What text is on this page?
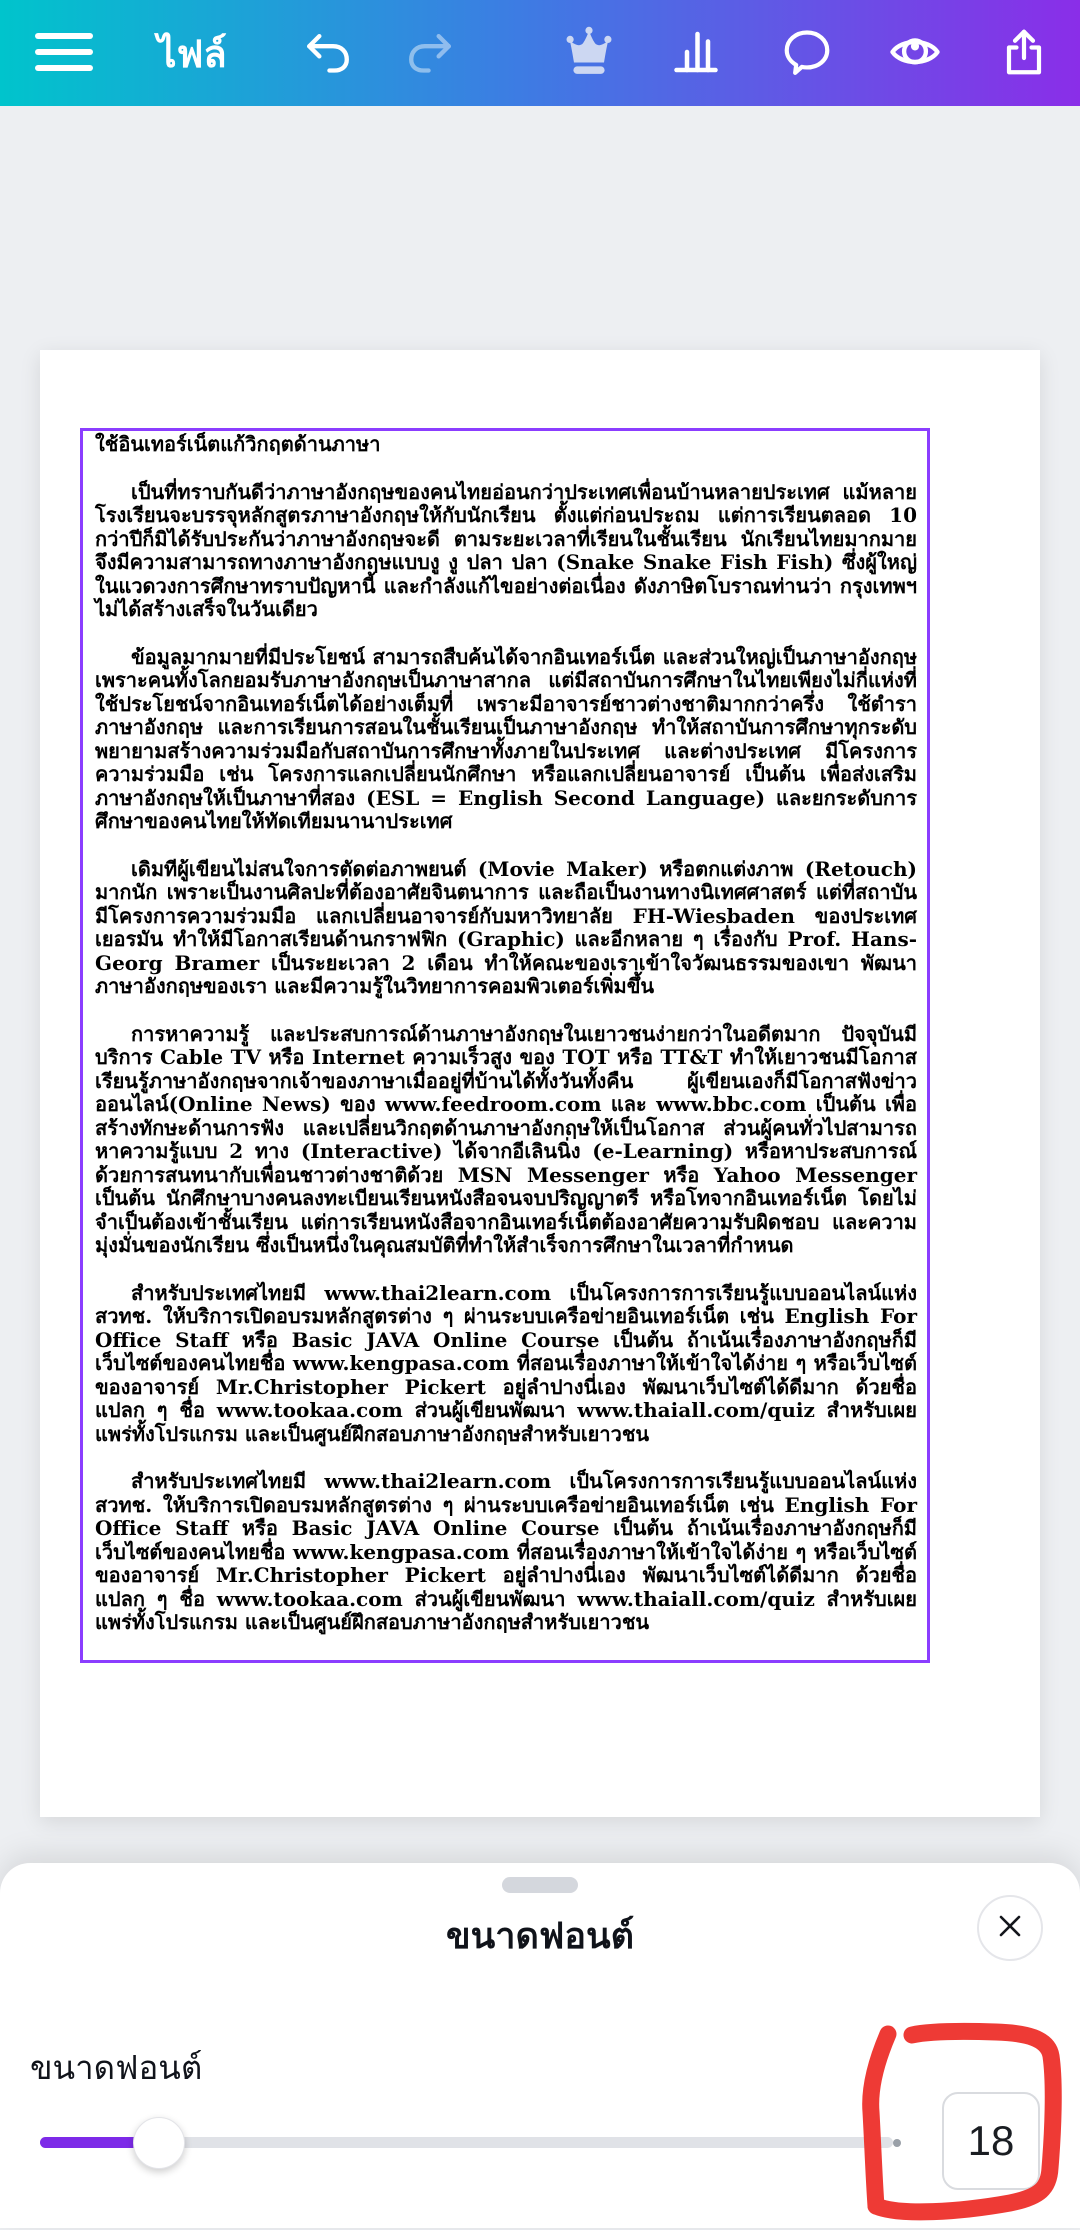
ไฟล์

ใช้อินเทอร์เน็ตแก้วิกฤตด้านภาษา

เป็นที่ทราบกันดีว่าภาษาอังกฤษของคนไทยอ่อนกว่าประเทศเพื่อนบ้านหลายประเทศ แม้หลายโรงเรียนจะบรรจุหลักสูตรภาษาอังกฤษให้กับนักเรียน ตั้งแต่ก่อนประถม แต่การเรียนตลอด 10 กว่าปีก็มิได้รับประกันว่าภาษาอังกฤษจะดี ตามระยะเวลาที่เรียนในชั้นเรียน นักเรียนไทยมากมายจึงมีความสามารถทางภาษาอังกฤษแบบงู งู ปลา ปลา (Snake Snake Fish Fish) ซึ่งผู้ใหญ่ในแวดวงการศึกษาทราบปัญหานี้ และกำลังแก้ไขอย่างต่อเนื่อง ดังภาษิตโบราณท่านว่า กรุงเทพฯ ไม่ได้สร้างเสร็จในวันเดียว

ข้อมูลมากมายที่มีประโยชน์ สามารถสืบค้นได้จากอินเทอร์เน็ต และส่วนใหญ่เป็นภาษาอังกฤษ เพราะคนทั้งโลกยอมรับภาษาอังกฤษเป็นภาษาสากล แต่มีสถาบันการศึกษาในไทยเพียงไม่กี่แห่งที่ใช้ประโยชน์จากอินเทอร์เน็ตได้อย่างเต็มที่ เพราะมีอาจารย์ชาวต่างชาติมากกว่าครึ่ง ใช้ตำราภาษาอังกฤษ และการเรียนการสอนในชั้นเรียนเป็นภาษาอังกฤษ ทำให้สถาบันการศึกษาทุกระดับพยายามสร้างความร่วมมือกับสถาบันการศึกษาทั้งภายในประเทศ และต่างประเทศ มีโครงการความร่วมมือ เช่น โครงการแลกเปลี่ยนนักศึกษา หรือแลกเปลี่ยนอาจารย์ เป็นต้น เพื่อส่งเสริมภาษาอังกฤษให้เป็นภาษาที่สอง (ESL = English Second Language) และยกระดับการศึกษาของคนไทยให้ทัดเทียมนานาประเทศ

เดิมทีผู้เขียนไม่สนใจการตัดต่อภาพยนต์ (Movie Maker) หรือตกแต่งภาพ (Retouch) มากนัก เพราะเป็นงานศิลปะที่ต้องอาศัยจินตนาการ และถือเป็นงานทางนิเทศศาสตร์ แต่ที่สถาบันมีโครงการความร่วมมือ แลกเปลี่ยนอาจารย์กับมหาวิทยาลัย FH-Wiesbaden ของประเทศเยอรมัน ทำให้มีโอกาสเรียนด้านกราฟฟิก (Graphic) และอีกหลาย ๆ เรื่องกับ Prof. Hans-Georg Bramer เป็นระยะเวลา 2 เดือน ทำให้คณะของเราเข้าใจวัฒนธรรมของเขา พัฒนาภาษาอังกฤษของเรา และมีความรู้ในวิทยาการคอมพิวเตอร์เพิ่มขึ้น

การหาความรู้ และประสบการณ์ด้านภาษาอังกฤษในเยาวชนง่ายกว่าในอดีตมาก ปัจจุบันมีบริการ Cable TV หรือ Internet ความเร็วสูง ของ TOT หรือ TT&T ทำให้เยาวชนมีโอกาสเรียนรู้ภาษาอังกฤษจากเจ้าของภาษาเมื่ออยู่ที่บ้านได้ทั้งวันทั้งคืน ผู้เขียนเองก็มีโอกาสฟังข่าวออนไลน์(Online News) ของ www.feedroom.com และ www.bbc.com เป็นต้น เพื่อสร้างทักษะด้านการฟัง และเปลี่ยนวิกฤตด้านภาษาอังกฤษให้เป็นโอกาส ส่วนผู้คนทั่วไปสามารถหาความรู้แบบ 2 ทาง (Interactive) ได้จากอีเลินนิ่ง (e-Learning) หรือหาประสบการณ์ด้วยการสนทนากับเพื่อนชาวต่างชาติด้วย MSN Messenger หรือ Yahoo Messenger เป็นต้น นักศึกษาบางคนลงทะเบียนเรียนหนังสือจนจบปริญญาตรี หรือโทจากอินเทอร์เน็ต โดยไม่จำเป็นต้องเข้าชั้นเรียน แต่การเรียนหนังสือจากอินเทอร์เน็ตต้องอาศัยความรับผิดชอบ และความมุ่งมั่นของนักเรียน ซึ่งเป็นหนึ่งในคุณสมบัติที่ทำให้สำเร็จการศึกษาในเวลาที่กำหนด

สำหรับประเทศไทยมี www.thai2learn.com เป็นโครงการการเรียนรู้แบบออนไลน์แห่ง สวทช. ให้บริการเปิดอบรมหลักสูตรต่าง ๆ ผ่านระบบเครือข่ายอินเทอร์เน็ต เช่น English For Office Staff หรือ Basic JAVA Online Course เป็นต้น ถ้าเน้นเรื่องภาษาอังกฤษก็มีเว็บไซต์ของคนไทยชื่อ www.kengpasa.com ที่สอนเรื่องภาษาให้เข้าใจได้ง่าย ๆ หรือเว็บไซต์ของอาจารย์ Mr.Christopher Pickert อยู่ลำปางนี่เอง พัฒนาเว็บไซต์ได้ดีมาก ด้วยชื่อแปลก ๆ ชื่อ www.tookaa.com ส่วนผู้เขียนพัฒนา www.thaiall.com/quiz สำหรับเผยแพร่ทั้งโปรแกรม และเป็นศูนย์ฝึกสอบภาษาอังกฤษสำหรับเยาวชน

สำหรับประเทศไทยมี www.thai2learn.com เป็นโครงการการเรียนรู้แบบออนไลน์แห่ง สวทช. ให้บริการเปิดอบรมหลักสูตรต่าง ๆ ผ่านระบบเครือข่ายอินเทอร์เน็ต เช่น English For Office Staff หรือ Basic JAVA Online Course เป็นต้น ถ้าเน้นเรื่องภาษาอังกฤษก็มีเว็บไซต์ของคนไทยชื่อ www.kengpasa.com ที่สอนเรื่องภาษาให้เข้าใจได้ง่าย ๆ หรือเว็บไซต์ของอาจารย์ Mr.Christopher Pickert อยู่ลำปางนี่เอง พัฒนาเว็บไซต์ได้ดีมาก ด้วยชื่อแปลก ๆ ชื่อ www.tookaa.com ส่วนผู้เขียนพัฒนา www.thaiall.com/quiz สำหรับเผยแพร่ทั้งโปรแกรม และเป็นศูนย์ฝึกสอบภาษาอังกฤษสำหรับเยาวชน

ขนาดฟอนต์
ขนาดฟอนต์
18
